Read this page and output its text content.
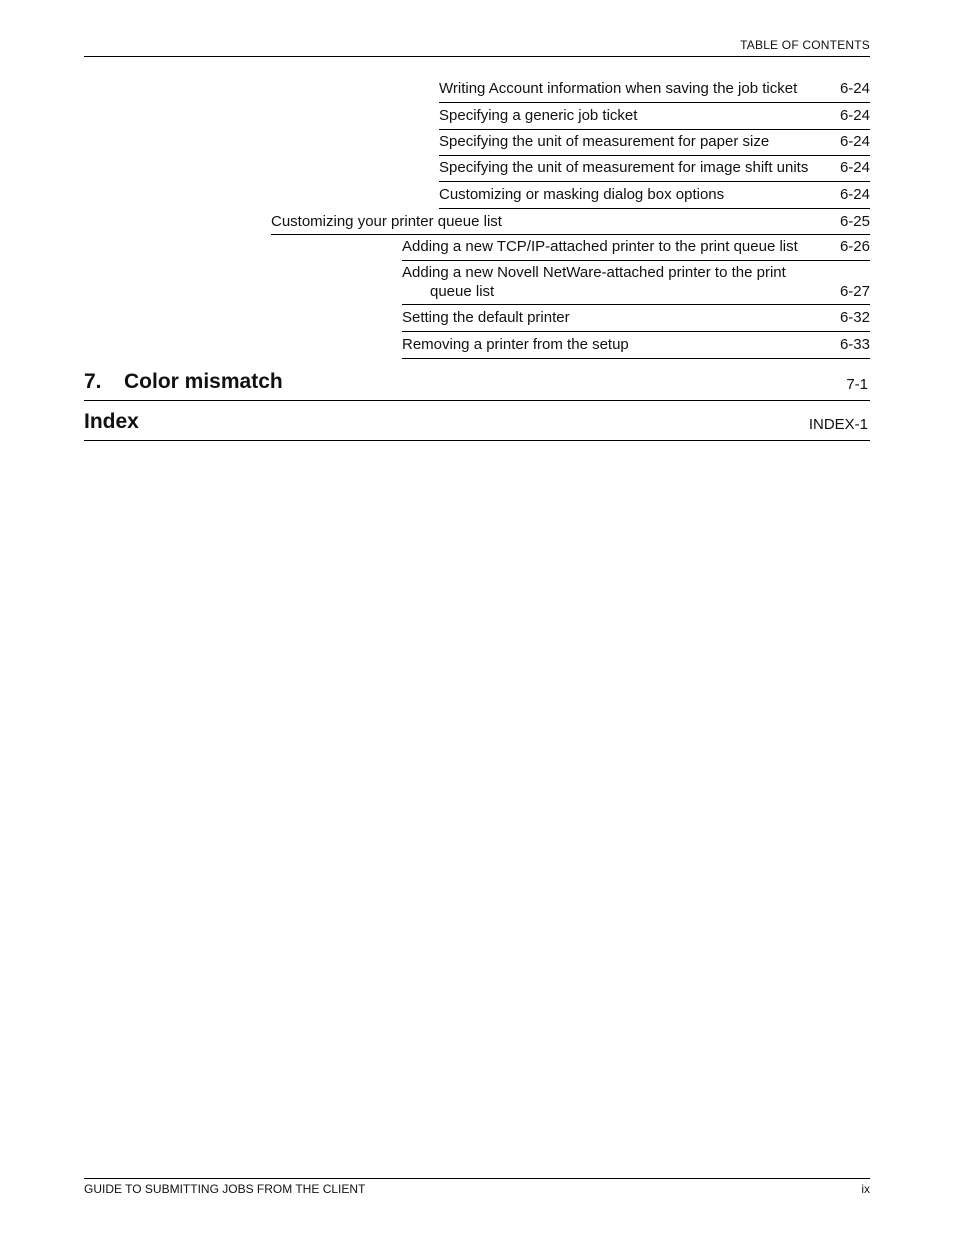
TABLE OF CONTENTS
Writing Account information when saving the job ticket	6-24
Specifying a generic job ticket	6-24
Specifying the unit of measurement for paper size	6-24
Specifying the unit of measurement for image shift units 6-24
Customizing or masking dialog box options	6-24
Customizing your printer queue list	6-25
Adding a new TCP/IP-attached printer to the print queue list	6-26
Adding a new Novell NetWare-attached printer to the print
queue list	6-27
Setting the default printer	6-32
Removing a printer from the setup	6-33
7. Color mismatch	7-1
Index	INDEX-1
GUIDE TO SUBMITTING JOBS FROM THE CLIENT	ix
